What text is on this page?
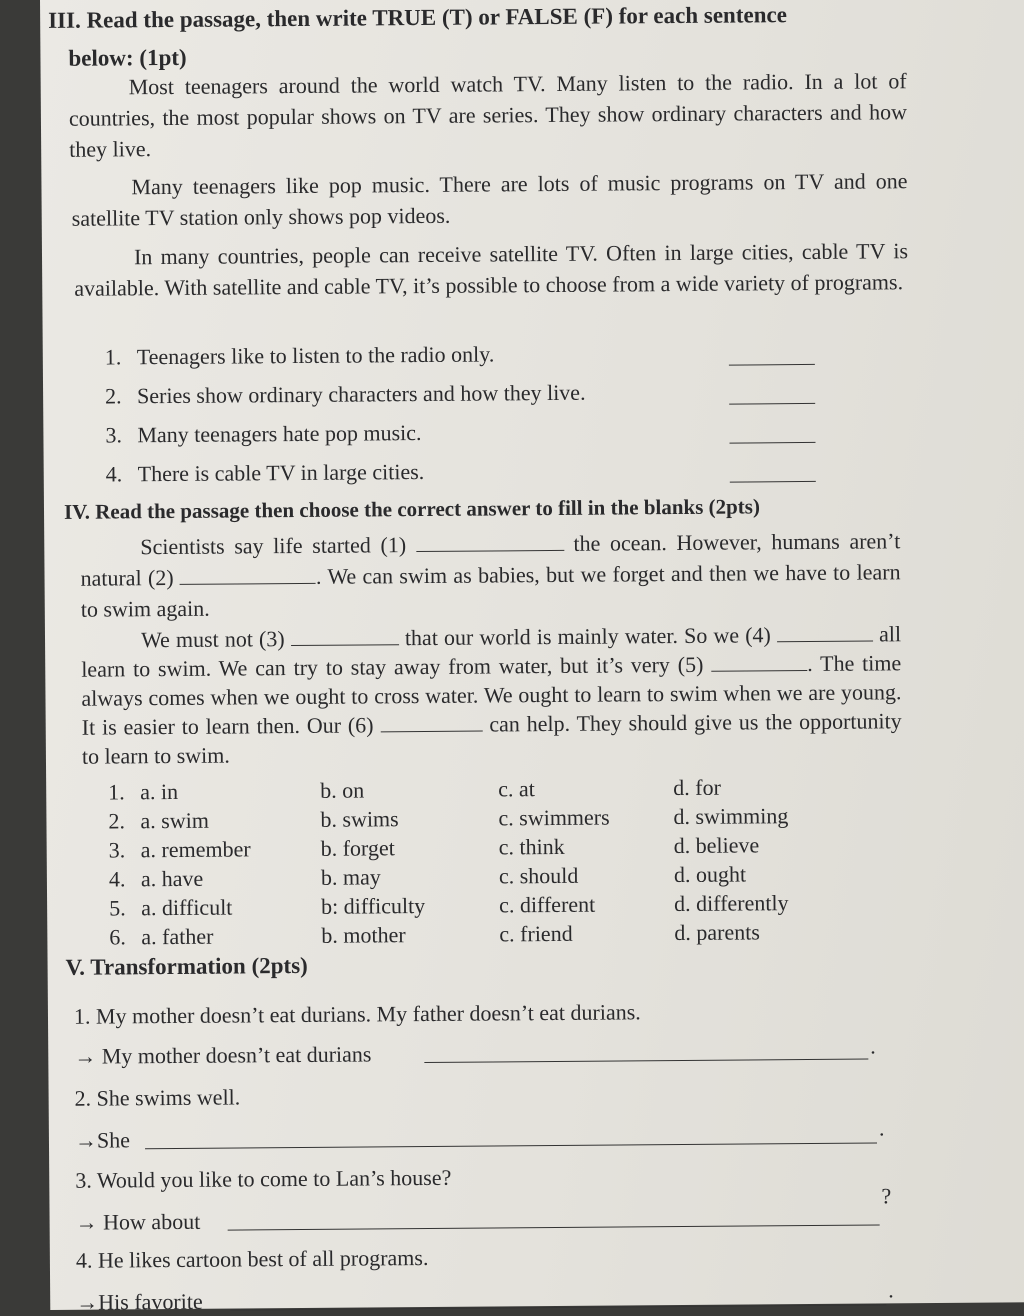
III. Read the passage, then write TRUE (T) or FALSE (F) for each sentence
below: (1pt)
Most teenagers around the world watch TV. Many listen to the radio. In a lot of countries, the most popular shows on TV are series. They show ordinary characters and how they live.
Many teenagers like pop music. There are lots of music programs on TV and one satellite TV station only shows pop videos.
In many countries, people can receive satellite TV. Often in large cities, cable TV is available. With satellite and cable TV, it’s possible to choose from a wide variety of programs.
1. Teenagers like to listen to the radio only.
2. Series show ordinary characters and how they live.
3. Many teenagers hate pop music.
4. There is cable TV in large cities.
IV. Read the passage then choose the correct answer to fill in the blanks (2pts)
Scientists say life started (1)	the ocean. However, humans aren’t natural (2)	. We can swim as babies, but we forget and then we have to learn to swim again.
We must not (3)	that our world is mainly water. So we (4)	all learn to swim. We can try to stay away from water, but it’s very (5)	. The time always comes when we ought to cross water. We ought to learn to swim when we are young. It is easier to learn then. Our (6)	can help. They should give us the opportunity to learn to swim.
1. a. in	b. on	c. at	d. for
2. a. swim	b. swims	c. swimmers	d. swimming
3. a. remember	b. forget	c. think	d. believe
4. a. have	b. may	c. should	d. ought
5. a. difficult	b: difficulty	c. different	d. differently
6. a. father	b. mother	c. friend	d. parents
V. Transformation (2pts)
1. My mother doesn’t eat durians. My father doesn’t eat durians.
→ My mother doesn’t eat durians	.
2. She swims well.
→She	.
3. Would you like to come to Lan’s house?
→ How about
?
4. He likes cartoon best of all programs.
→His favorite	.
